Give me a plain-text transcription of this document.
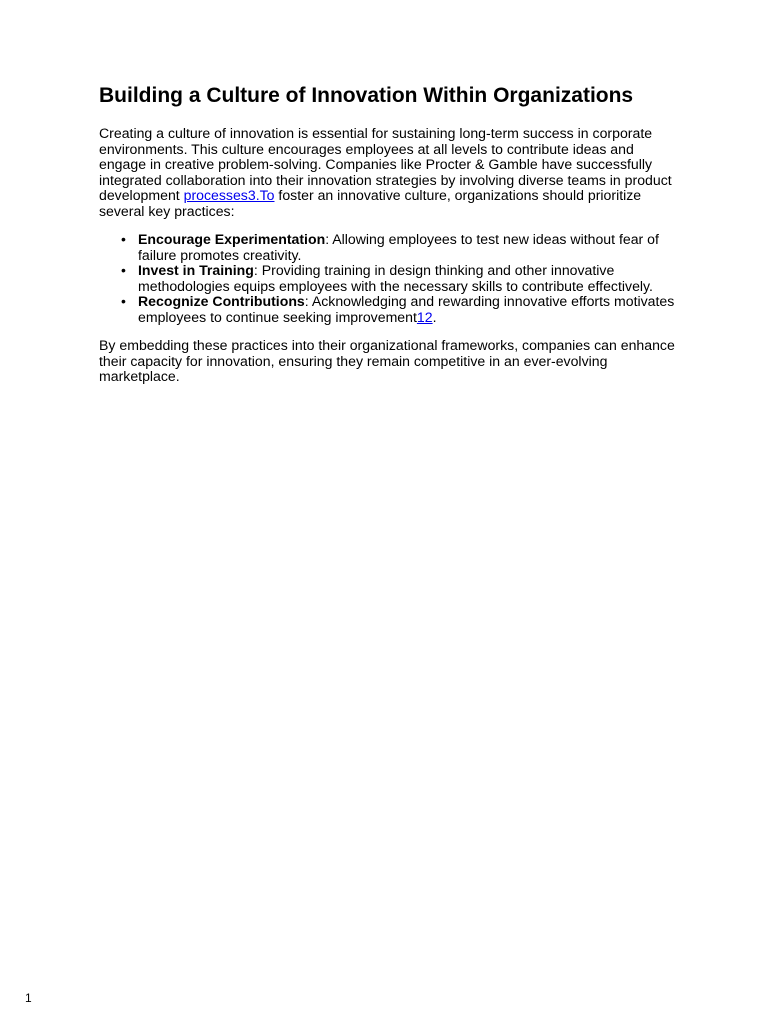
Building a Culture of Innovation Within Organizations

Creating a culture of innovation is essential for sustaining long-term success in corporate environments. This culture encourages employees at all levels to contribute ideas and engage in creative problem-solving. Companies like Procter & Gamble have successfully integrated collaboration into their innovation strategies by involving diverse teams in product development processes3.To foster an innovative culture, organizations should prioritize several key practices:

• Encourage Experimentation: Allowing employees to test new ideas without fear of failure promotes creativity.
• Invest in Training: Providing training in design thinking and other innovative methodologies equips employees with the necessary skills to contribute effectively.
• Recognize Contributions: Acknowledging and rewarding innovative efforts motivates employees to continue seeking improvement12.

By embedding these practices into their organizational frameworks, companies can enhance their capacity for innovation, ensuring they remain competitive in an ever-evolving marketplace.

1
